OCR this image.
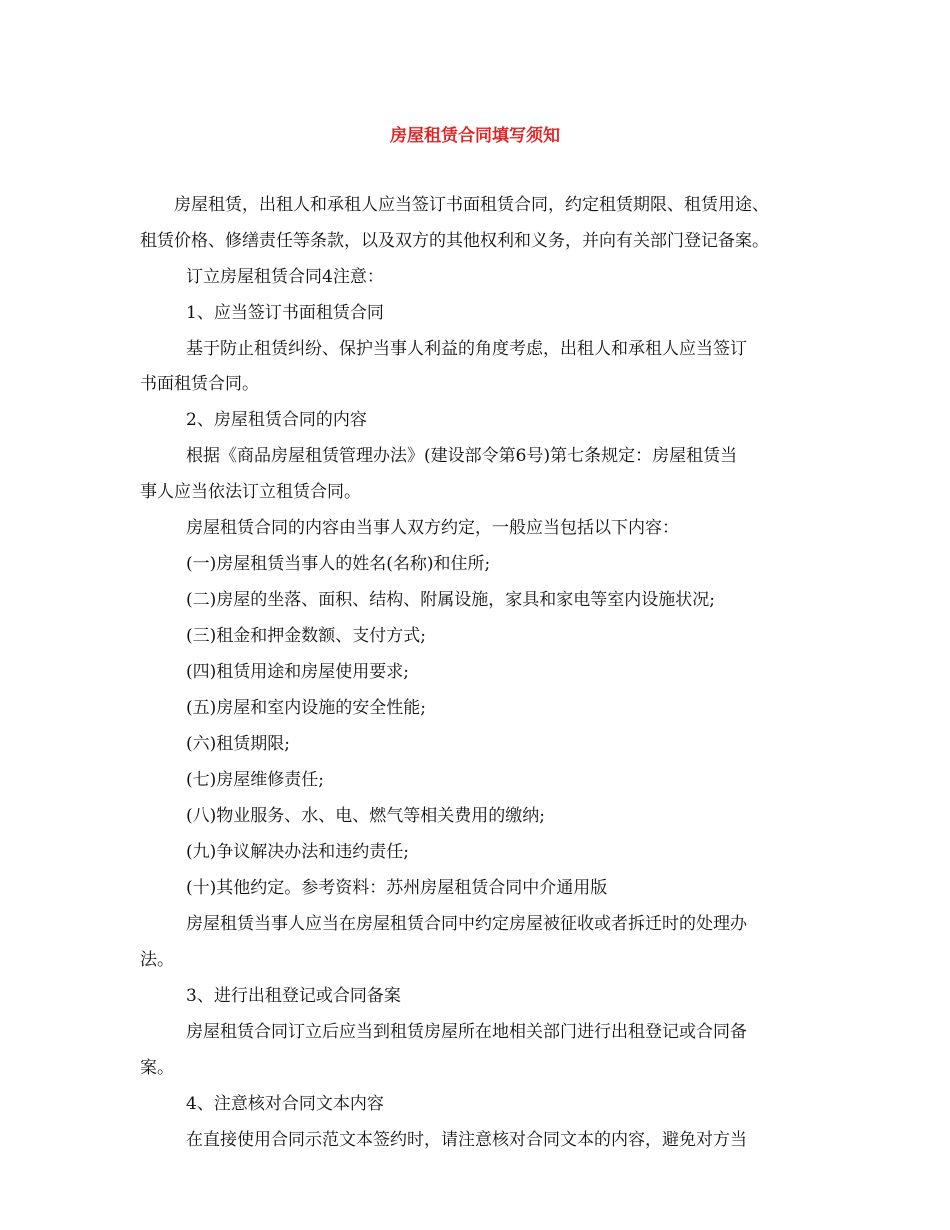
房屋租赁合同填写须知
房屋租赁，出租人和承租人应当签订书面租赁合同，约定租赁期限、租赁用途、
租赁价格、修缮责任等条款，以及双方的其他权利和义务，并向有关部门登记备案。
订立房屋租赁合同4注意：
1、应当签订书面租赁合同
基于防止租赁纠纷、保护当事人利益的角度考虑，出租人和承租人应当签订
书面租赁合同。
2、房屋租赁合同的内容
根据《商品房屋租赁管理办法》(建设部令第6号)第七条规定：房屋租赁当
事人应当依法订立租赁合同。
房屋租赁合同的内容由当事人双方约定，一般应当包括以下内容：
(一)房屋租赁当事人的姓名(名称)和住所;
(二)房屋的坐落、面积、结构、附属设施，家具和家电等室内设施状况;
(三)租金和押金数额、支付方式;
(四)租赁用途和房屋使用要求;
(五)房屋和室内设施的安全性能;
(六)租赁期限;
(七)房屋维修责任;
(八)物业服务、水、电、燃气等相关费用的缴纳;
(九)争议解决办法和违约责任;
(十)其他约定。参考资料：苏州房屋租赁合同中介通用版
房屋租赁当事人应当在房屋租赁合同中约定房屋被征收或者拆迁时的处理办
法。
3、进行出租登记或合同备案
房屋租赁合同订立后应当到租赁房屋所在地相关部门进行出租登记或合同备
案。
4、注意核对合同文本内容
在直接使用合同示范文本签约时，请注意核对合同文本的内容，避免对方当
